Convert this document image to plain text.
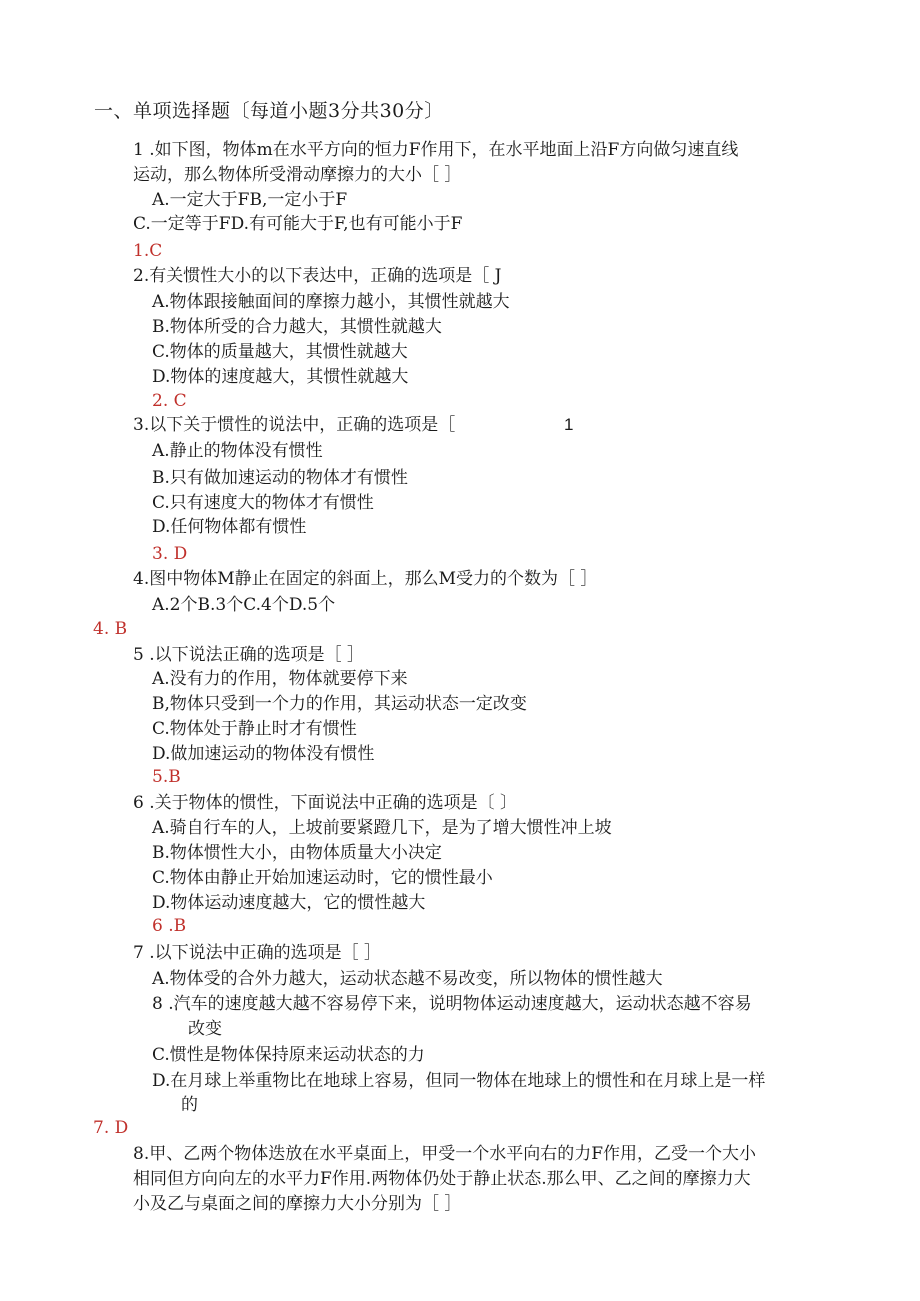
一、单项选择题〔每道小题3分共30分〕
1 .如下图，物体m在水平方向的恒力F作用下，在水平地面上沿F方向做匀速直线
运动，那么物体所受滑动摩擦力的大小［ ］
A.一定大于FB,一定小于F
C.一定等于FD.有可能大于F,也有可能小于F
1.C
2.有关惯性大小的以下表达中，正确的选项是［ J
A.物体跟接触面间的摩擦力越小，其惯性就越大
B.物体所受的合力越大，其惯性就越大
C.物体的质量越大，其惯性就越大
D.物体的速度越大，其惯性就越大
2. C
3.以下关于惯性的说法中，正确的选项是［	1
A.静止的物体没有惯性
B.只有做加速运动的物体才有惯性
C.只有速度大的物体才有惯性
D.任何物体都有惯性
3. D
4.图中物体M静止在固定的斜面上，那么M受力的个数为［ ］
A.2个B.3个C.4个D.5个
4. B
5 .以下说法正确的选项是［ ］
A.没有力的作用，物体就要停下来
B,物体只受到一个力的作用，其运动状态一定改变
C.物体处于静止时才有惯性
D.做加速运动的物体没有惯性
5.B
6 .关于物体的惯性，下面说法中正确的选项是〔 〕
A.骑自行车的人，上坡前要紧蹬几下，是为了增大惯性冲上坡
B.物体惯性大小，由物体质量大小决定
C.物体由静止开始加速运动时，它的惯性最小
D.物体运动速度越大，它的惯性越大
6 .B
7 .以下说法中正确的选项是［ ］
A.物体受的合外力越大，运动状态越不易改变，所以物体的惯性越大
8 .汽车的速度越大越不容易停下来，说明物体运动速度越大，运动状态越不容易
改变
C.惯性是物体保持原来运动状态的力
D.在月球上举重物比在地球上容易，但同一物体在地球上的惯性和在月球上是一样
的
7. D
8.甲、乙两个物体迭放在水平桌面上，甲受一个水平向右的力F作用，乙受一个大小
相同但方向向左的水平力F作用.两物体仍处于静止状态.那么甲、乙之间的摩擦力大
小及乙与桌面之间的摩擦力大小分别为［ ］
